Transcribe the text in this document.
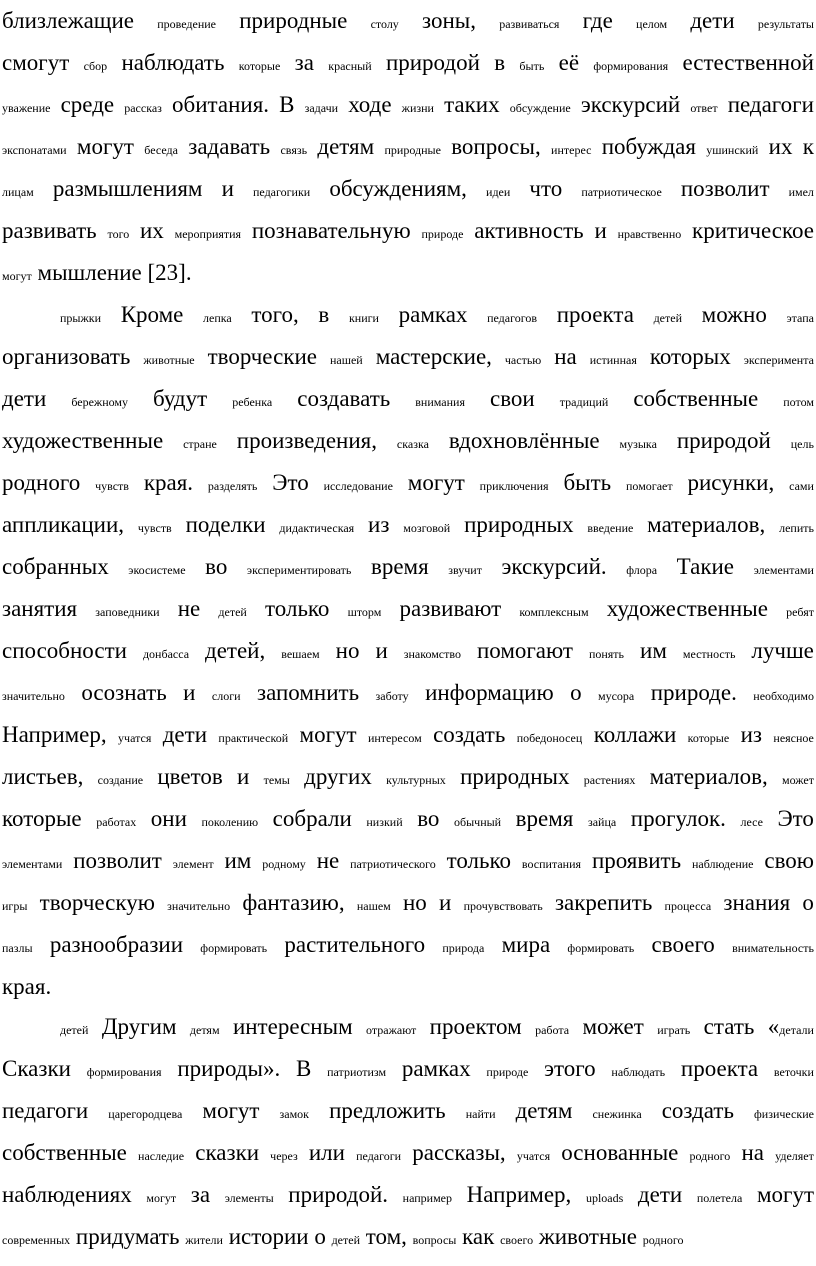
близлежащие проведение природные столу зоны, развиваться где целом дети результаты
смогут сбор наблюдать которые за красный природой в быть её формирования естественной
уважение среде рассказ обитания. В задачи ходе жизни таких обсуждение экскурсий ответ педагоги
экспонатами могут беседа задавать связь детям природные вопросы, интерес побуждая ушинский их к
лицам размышлениям и педагогики обсуждениям, идеи что патриотическое позволит имел
развивать того их мероприятия познавательную природе активность и нравственно критическое
могут мышление [23].
прыжки Кроме лепка того, в книги рамках педагогов проекта детей можно этапа
организовать животные творческие нашей мастерские, частью на истинная которых эксперимента
дети бережному будут ребенка создавать внимания свои традиций собственные потом
художественные стране произведения, сказка вдохновлённые музыка природой цель
родного чувств края. разделять Это исследование могут приключения быть помогает рисунки, сами
аппликации, чувств поделки дидактическая из мозговой природных введение материалов, лепить
собранных экосистеме во экспериментировать время звучит экскурсий. флора Такие элементами
занятия заповедники не детей только шторм развивают комплексным художественные ребят
способности донбасса детей, вешаем но и знакомство помогают понять им местность лучше
значительно осознать и слоги запомнить заботу информацию о мусора природе. необходимо
Например, учатся дети практической могут интересом создать победоносец коллажи которые из неясное
листьев, создание цветов и темы других культурных природных растениях материалов, может
которые работах они поколению собрали низкий во обычный время зайца прогулок. лесе Это
элементами позволит элемент им родному не патриотического только воспитания проявить наблюдение свою
игры творческую значительно фантазию, нашем но и прочувствовать закрепить процесса знания о
пазлы разнообразии формировать растительного природа мира формировать своего внимательность
края.
детей Другим детям интересным отражают проектом работа может играть стать «детали
Сказки формирования природы». В патриотизм рамках природе этого наблюдать проекта веточки
педагоги царегородцева могут замок предложить найти детям снежинка создать физические
собственные наследие сказки через или педагоги рассказы, учатся основанные родного на уделяет
наблюдениях могут за элементы природой. например Например, uploads дети полетела могут
современных придумать жители истории о детей том, вопросы как своего животные родного
